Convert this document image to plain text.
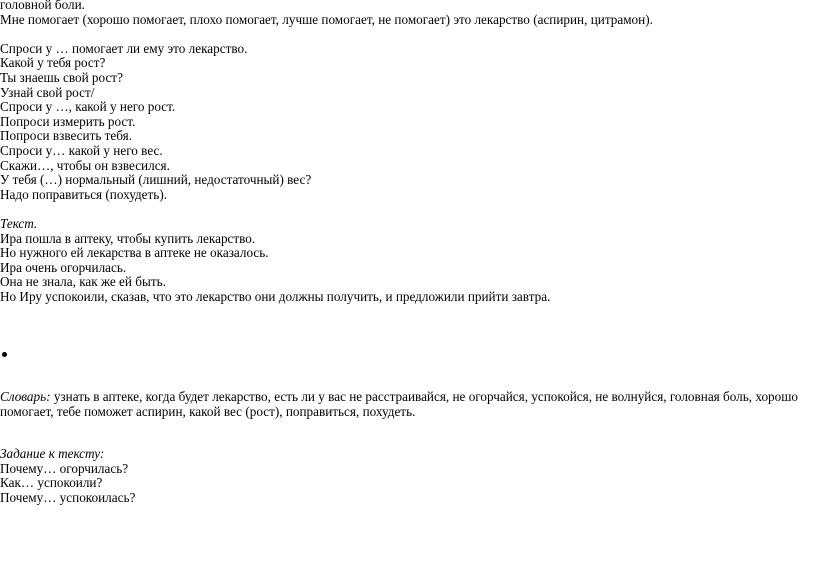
головной боли.
Мне помогает (хорошо помогает, плохо помогает, лучше помогает, не помогает) это лекарство (аспирин, цитрамон).
Спроси у … помогает ли ему это лекарство.
Какой у тебя рост?
Ты знаешь свой рост?
Узнай свой рост/
Спроси у …, какой у него рост.
Попроси измерить рост.
Попроси взвесить тебя.
Спроси у… какой у него вес.
Скажи…, чтобы он взвесился.
У тебя (…) нормальный (лишний, недостаточный) вес?
Надо поправиться (похудеть).
Текст.
Ира пошла в аптеку, чтобы купить лекарство.
Но нужного ей лекарства в аптеке не оказалось.
Ира очень огорчилась.
Она не знала, как же ей быть.
Но Иру успокоили, сказав, что это лекарство они должны получить, и предложили прийти завтра.
Словарь: узнать в аптеке, когда будет лекарство, есть ли у вас не расстраивайся, не огорчайся, успокойся, не волнуйся, головная боль, хорошо помогает, тебе поможет аспирин, какой вес (рост), поправиться, похудеть.
Задание к тексту:
Почему… огорчилась?
Как… успокоили?
Почему… успокоилась?
